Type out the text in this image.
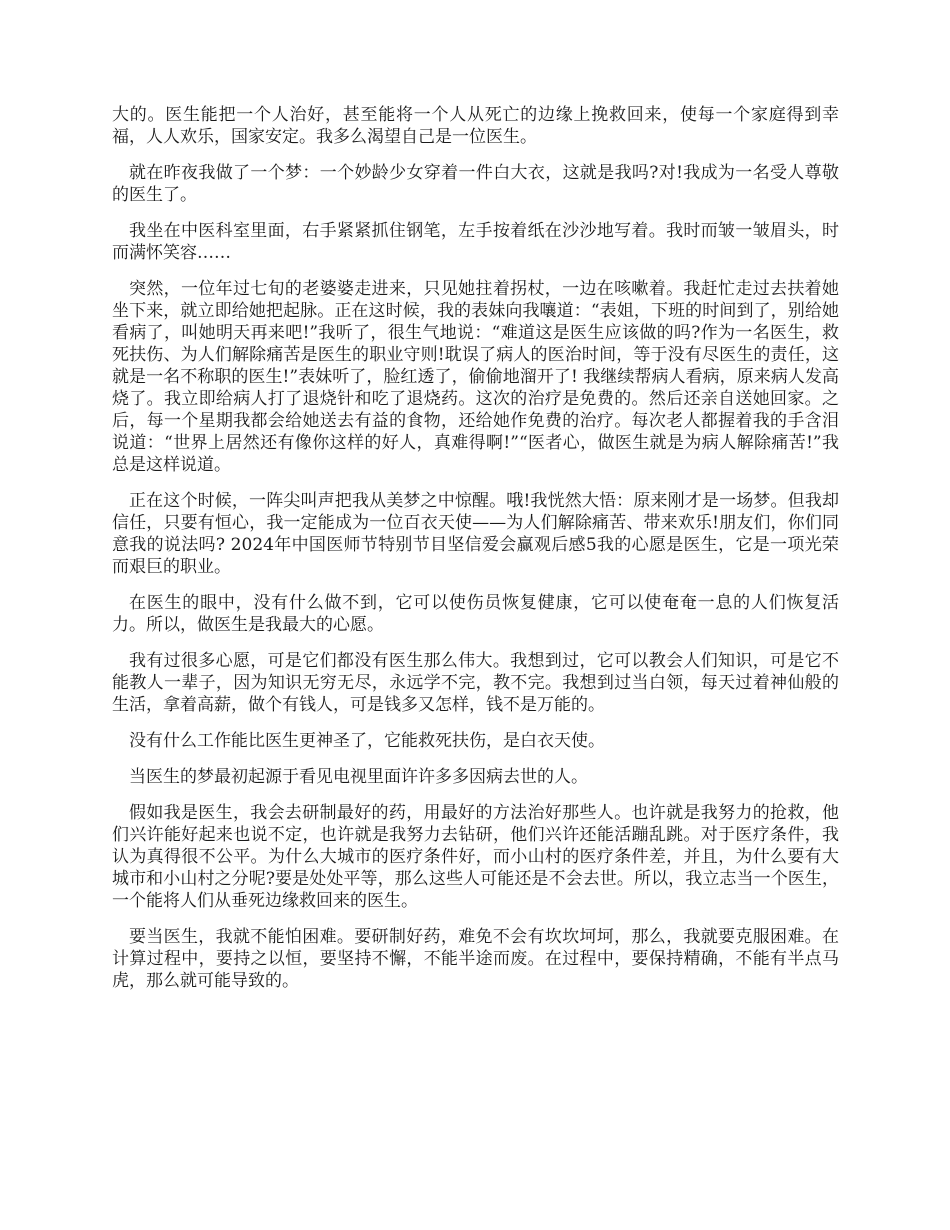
大的。医生能把一个人治好，甚至能将一个人从死亡的边缘上挽救回来，使每一个家庭得到幸福，人人欢乐，国家安定。我多么渴望自己是一位医生。

就在昨夜我做了一个梦：一个妙龄少女穿着一件白大衣，这就是我吗?对!我成为一名受人尊敬的医生了。

我坐在中医科室里面，右手紧紧抓住钢笔，左手按着纸在沙沙地写着。我时而皱一皱眉头，时而满怀笑容……

突然，一位年过七旬的老婆婆走进来，只见她拄着拐杖，一边在咳嗽着。我赶忙走过去扶着她坐下来，就立即给她把起脉。正在这时候，我的表妹向我嚷道：“表姐，下班的时间到了，别给她看病了，叫她明天再来吧!”我听了，很生气地说：“难道这是医生应该做的吗?作为一名医生，救死扶伤、为人们解除痛苦是医生的职业守则!耽误了病人的医治时间，等于没有尽医生的责任，这就是一名不称职的医生!”表妹听了，脸红透了，偷偷地溜开了! 我继续帮病人看病，原来病人发高烧了。我立即给病人打了退烧针和吃了退烧药。这次的治疗是免费的。然后还亲自送她回家。之后，每一个星期我都会给她送去有益的食物，还给她作免费的治疗。每次老人都握着我的手含泪说道：“世界上居然还有像你这样的好人，真难得啊!”“医者心，做医生就是为病人解除痛苦!”我总是这样说道。

正在这个时候，一阵尖叫声把我从美梦之中惊醒。哦!我恍然大悟：原来刚才是一场梦。但我却信任，只要有恒心，我一定能成为一位百衣天使——为人们解除痛苦、带来欢乐!朋友们，你们同意我的说法吗? 2024年中国医师节特别节目坚信爱会赢观后感5我的心愿是医生，它是一项光荣而艰巨的职业。

在医生的眼中，没有什么做不到，它可以使伤员恢复健康，它可以使奄奄一息的人们恢复活力。所以，做医生是我最大的心愿。

我有过很多心愿，可是它们都没有医生那么伟大。我想到过，它可以教会人们知识，可是它不能教人一辈子，因为知识无穷无尽，永远学不完，教不完。我想到过当白领，每天过着神仙般的生活，拿着高薪，做个有钱人，可是钱多又怎样，钱不是万能的。

没有什么工作能比医生更神圣了，它能救死扶伤，是白衣天使。

当医生的梦最初起源于看见电视里面许许多多因病去世的人。

假如我是医生，我会去研制最好的药，用最好的方法治好那些人。也许就是我努力的抢救，他们兴许能好起来也说不定，也许就是我努力去钻研，他们兴许还能活蹦乱跳。对于医疗条件，我认为真得很不公平。为什么大城市的医疗条件好，而小山村的医疗条件差，并且，为什么要有大城市和小山村之分呢?要是处处平等，那么这些人可能还是不会去世。所以，我立志当一个医生，一个能将人们从垂死边缘救回来的医生。

要当医生，我就不能怕困难。要研制好药，难免不会有坎坎坷坷，那么，我就要克服困难。在计算过程中，要持之以恒，要坚持不懈，不能半途而废。在过程中，要保持精确，不能有半点马虎，那么就可能导致的。
